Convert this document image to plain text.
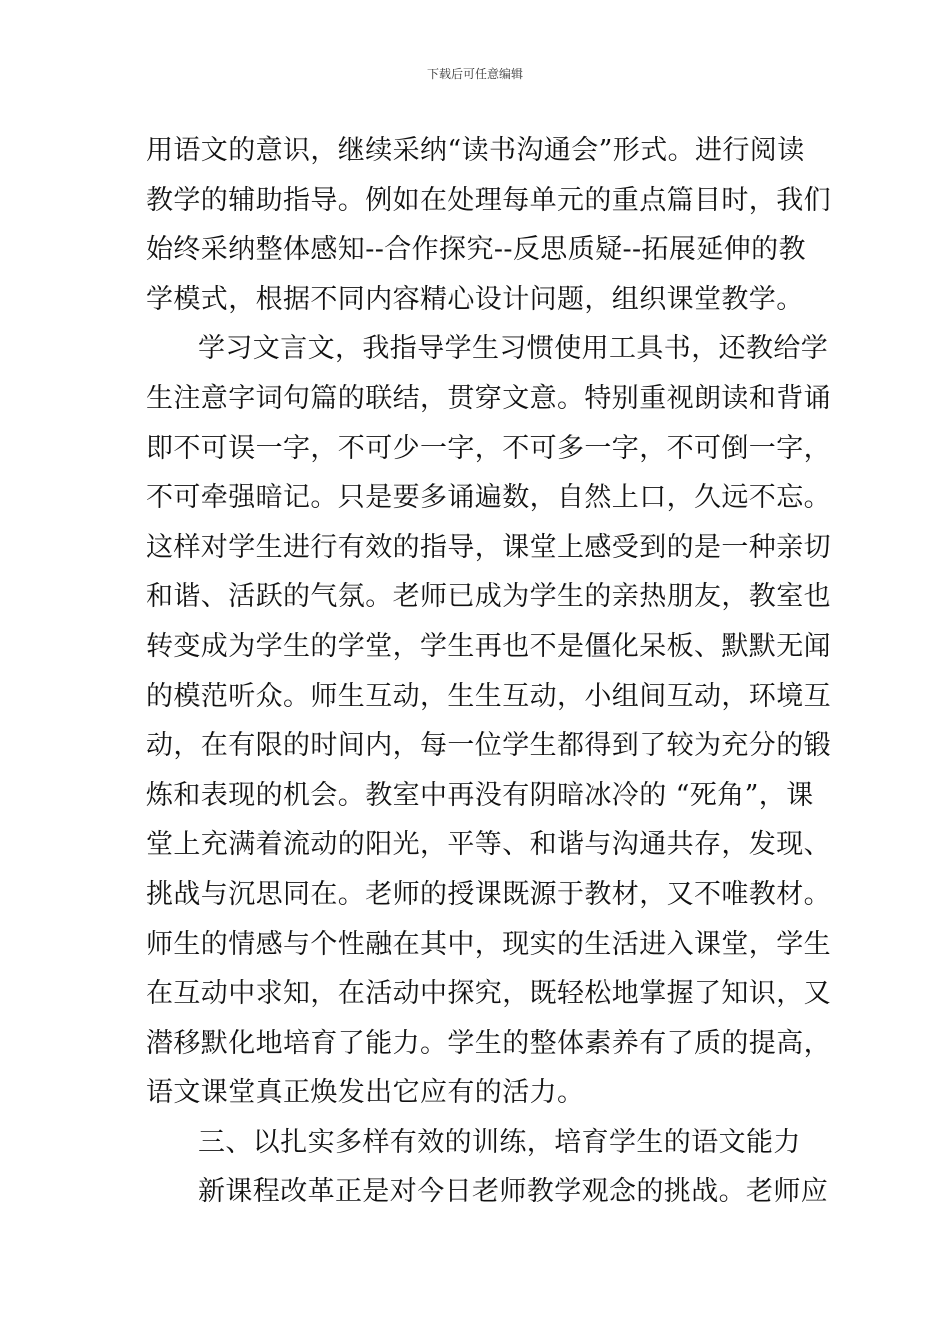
下载后可任意编辑
用语文的意识，继续采纳“读书沟通会”形式。进行阅读
教学的辅助指导。例如在处理每单元的重点篇目时，我们
始终采纳整体感知--合作探究--反思质疑--拓展延伸的教
学模式，根据不同内容精心设计问题，组织课堂教学。
学习文言文，我指导学生习惯使用工具书，还教给学
生注意字词句篇的联结，贯穿文意。特别重视朗读和背诵
即不可误一字，不可少一字，不可多一字，不可倒一字，
不可牵强暗记。只是要多诵遍数，自然上口，久远不忘。
这样对学生进行有效的指导，课堂上感受到的是一种亲切
和谐、活跃的气氛。老师已成为学生的亲热朋友，教室也
转变成为学生的学堂，学生再也不是僵化呆板、默默无闻
的模范听众。师生互动，生生互动，小组间互动，环境互
动，在有限的时间内，每一位学生都得到了较为充分的锻
炼和表现的机会。教室中再没有阴暗冰冷的 “死角”，课
堂上充满着流动的阳光，平等、和谐与沟通共存，发现、
挑战与沉思同在。老师的授课既源于教材，又不唯教材。
师生的情感与个性融在其中，现实的生活进入课堂，学生
在互动中求知，在活动中探究，既轻松地掌握了知识，又
潜移默化地培育了能力。学生的整体素养有了质的提高，
语文课堂真正焕发出它应有的活力。
三、以扎实多样有效的训练，培育学生的语文能力
新课程改革正是对今日老师教学观念的挑战。老师应
